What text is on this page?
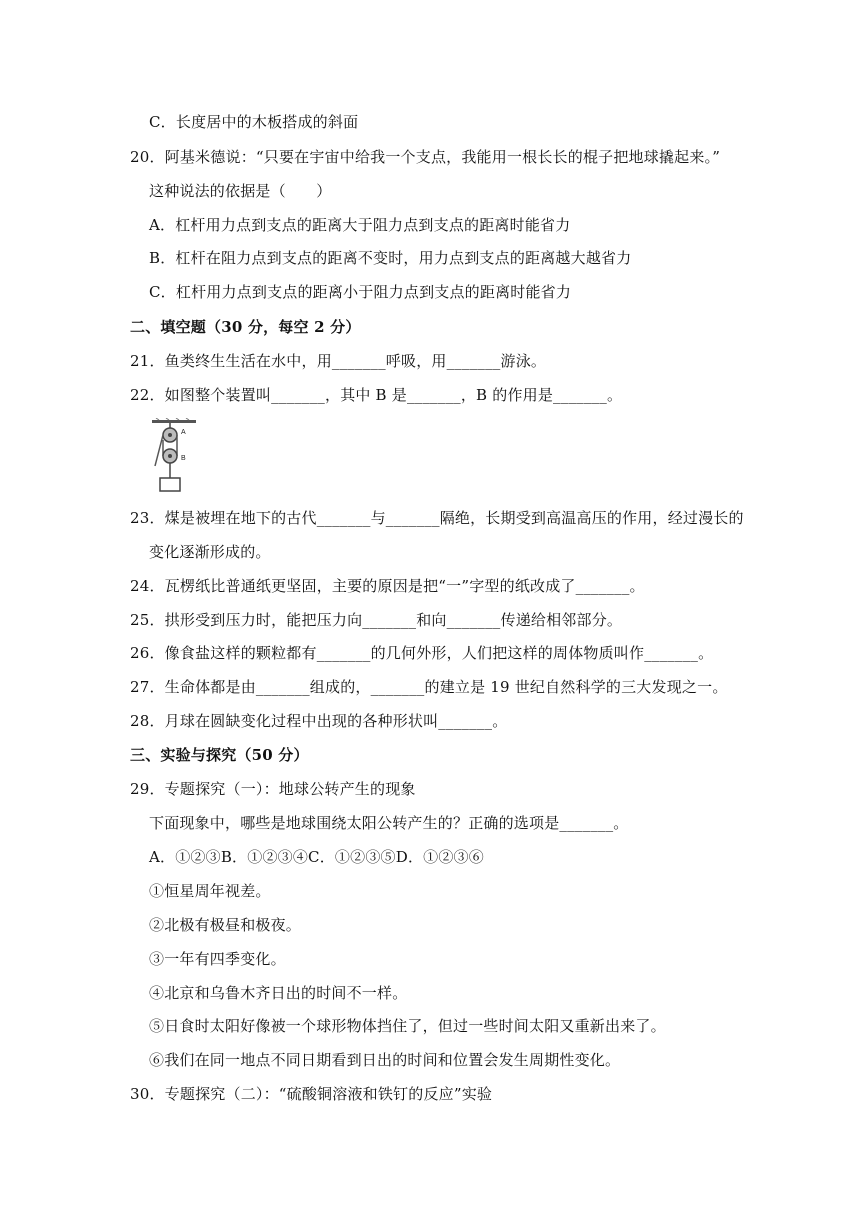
C．长度居中的木板搭成的斜面
20．阿基米德说：“只要在宇宙中给我一个支点，我能用一根长长的棍子把地球撬起来。”
这种说法的依据是（　　）
A．杠杆用力点到支点的距离大于阻力点到支点的距离时能省力
B．杠杆在阻力点到支点的距离不变时，用力点到支点的距离越大越省力
C．杠杆用力点到支点的距离小于阻力点到支点的距离时能省力
二、填空题（30 分，每空 2 分）
21．鱼类终生生活在水中，用_______呼吸，用_______游泳。
22．如图整个装置叫_______，其中 B 是_______，B 的作用是_______。
A
B
23．煤是被埋在地下的古代_______与_______隔绝，长期受到高温高压的作用，经过漫长的
变化逐渐形成的。
24．瓦楞纸比普通纸更坚固，主要的原因是把“一”字型的纸改成了_______。
25．拱形受到压力时，能把压力向_______和向_______传递给相邻部分。
26．像食盐这样的颗粒都有_______的几何外形，人们把这样的周体物质叫作_______。
27．生命体都是由_______组成的，_______的建立是 19 世纪自然科学的三大发现之一。
28．月球在圆缺变化过程中出现的各种形状叫_______。
三、实验与探究（50 分）
29．专题探究（一）：地球公转产生的现象
下面现象中，哪些是地球围绕太阳公转产生的？正确的选项是_______。
A．①②③B．①②③④C．①②③⑤D．①②③⑥
①恒星周年视差。
②北极有极昼和极夜。
③一年有四季变化。
④北京和乌鲁木齐日出的时间不一样。
⑤日食时太阳好像被一个球形物体挡住了，但过一些时间太阳又重新出来了。
⑥我们在同一地点不同日期看到日出的时间和位置会发生周期性变化。
30．专题探究（二）：“硫酸铜溶液和铁钉的反应”实验
